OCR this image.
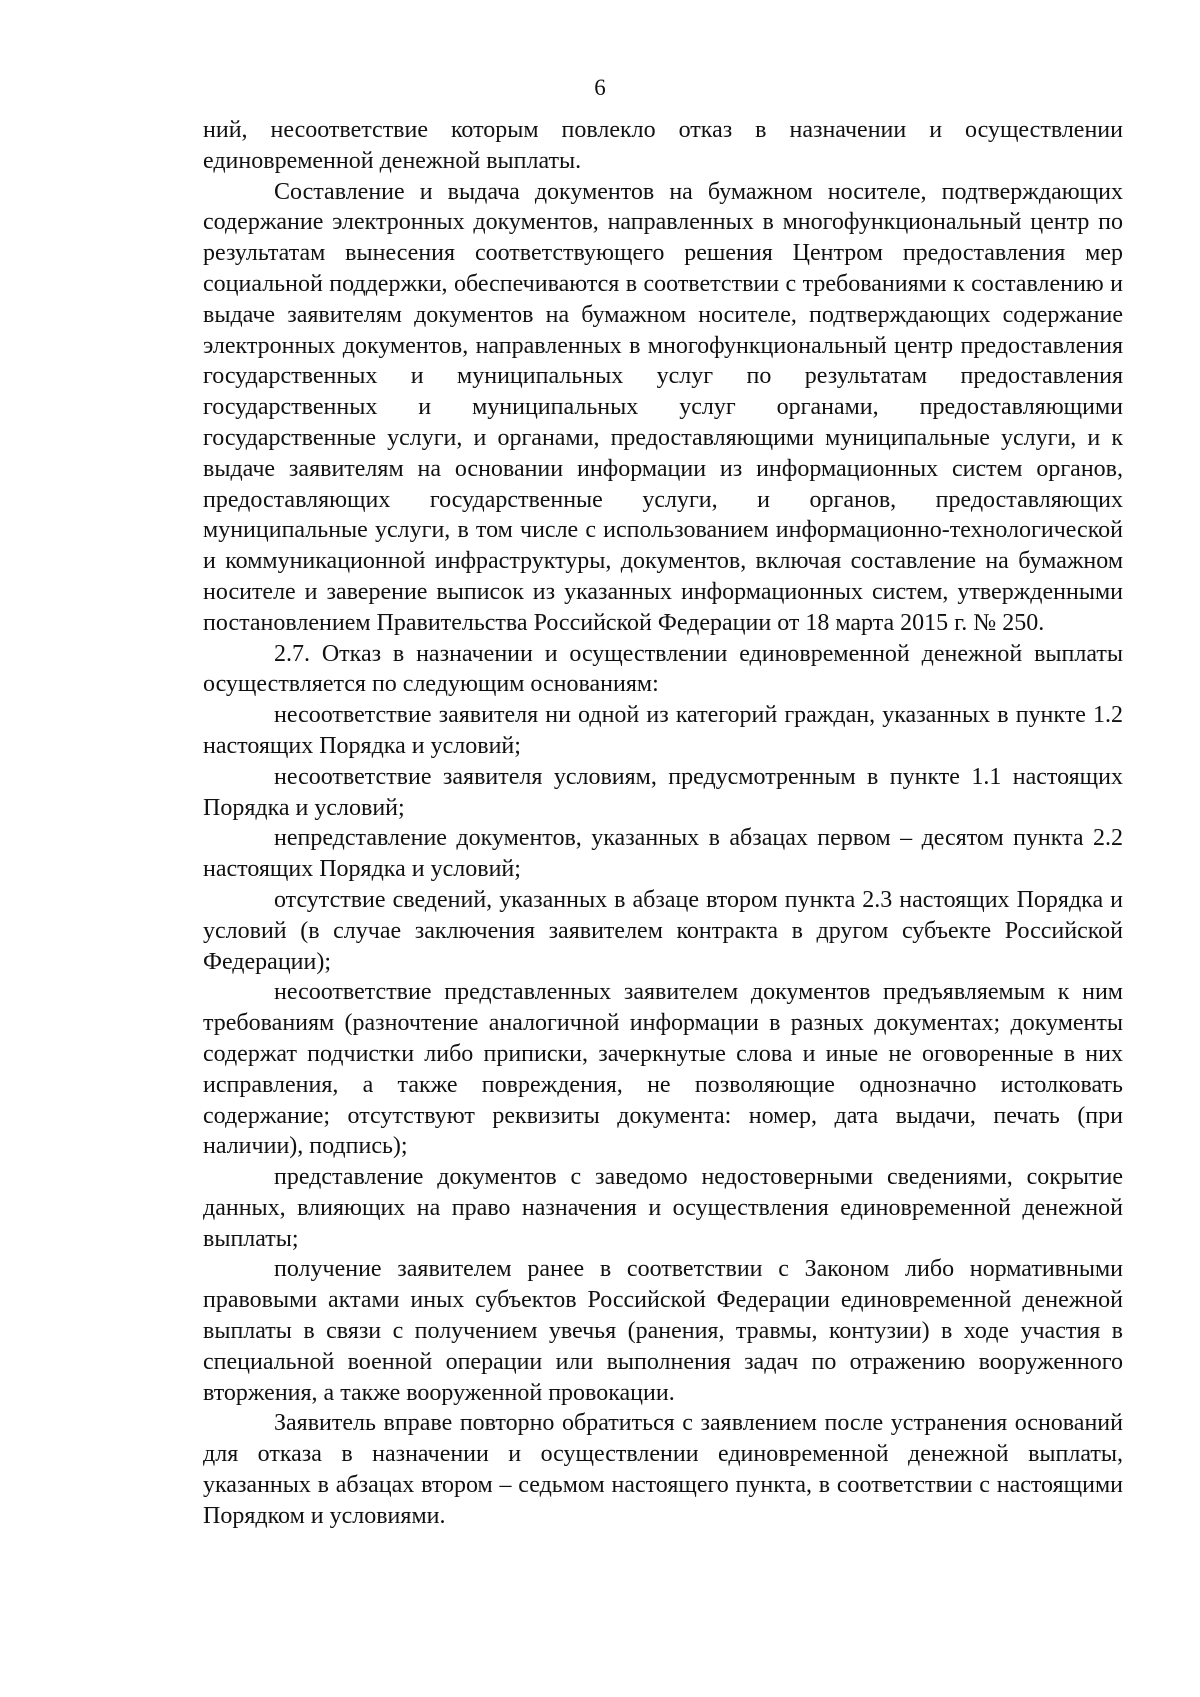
6

ний, несоответствие которым повлекло отказ в назначении и осуществлении единовременной денежной выплаты.

Составление и выдача документов на бумажном носителе, подтверждающих содержание электронных документов, направленных в многофункциональный центр по результатам вынесения соответствующего решения Центром предоставления мер социальной поддержки, обеспечиваются в соответствии с требованиями к составлению и выдаче заявителям документов на бумажном носителе, подтверждающих содержание электронных документов, направленных в многофункциональный центр предоставления государственных и муниципальных услуг по результатам предоставления государственных и муниципальных услуг органами, предоставляющими государственные услуги, и органами, предоставляющими муниципальные услуги, и к выдаче заявителям на основании информации из информационных систем органов, предоставляющих государственные услуги, и органов, предоставляющих муниципальные услуги, в том числе с использованием информационно-технологической и коммуникационной инфраструктуры, документов, включая составление на бумажном носителе и заверение выписок из указанных информационных систем, утвержденными постановлением Правительства Российской Федерации от 18 марта 2015 г. № 250.

2.7. Отказ в назначении и осуществлении единовременной денежной выплаты осуществляется по следующим основаниям:

несоответствие заявителя ни одной из категорий граждан, указанных в пункте 1.2 настоящих Порядка и условий;

несоответствие заявителя условиям, предусмотренным в пункте 1.1 настоящих Порядка и условий;

непредставление документов, указанных в абзацах первом – десятом пункта 2.2 настоящих Порядка и условий;

отсутствие сведений, указанных в абзаце втором пункта 2.3 настоящих Порядка и условий (в случае заключения заявителем контракта в другом субъекте Российской Федерации);

несоответствие представленных заявителем документов предъявляемым к ним требованиям (разночтение аналогичной информации в разных документах; документы содержат подчистки либо приписки, зачеркнутые слова и иные не оговоренные в них исправления, а также повреждения, не позволяющие однозначно истолковать содержание; отсутствуют реквизиты документа: номер, дата выдачи, печать (при наличии), подпись);

представление документов с заведомо недостоверными сведениями, сокрытие данных, влияющих на право назначения и осуществления единовременной денежной выплаты;

получение заявителем ранее в соответствии с Законом либо нормативными правовыми актами иных субъектов Российской Федерации единовременной денежной выплаты в связи с получением увечья (ранения, травмы, контузии) в ходе участия в специальной военной операции или выполнения задач по отражению вооруженного вторжения, а также вооруженной провокации.

Заявитель вправе повторно обратиться с заявлением после устранения оснований для отказа в назначении и осуществлении единовременной денежной выплаты, указанных в абзацах втором – седьмом настоящего пункта, в соответствии с настоящими Порядком и условиями.
